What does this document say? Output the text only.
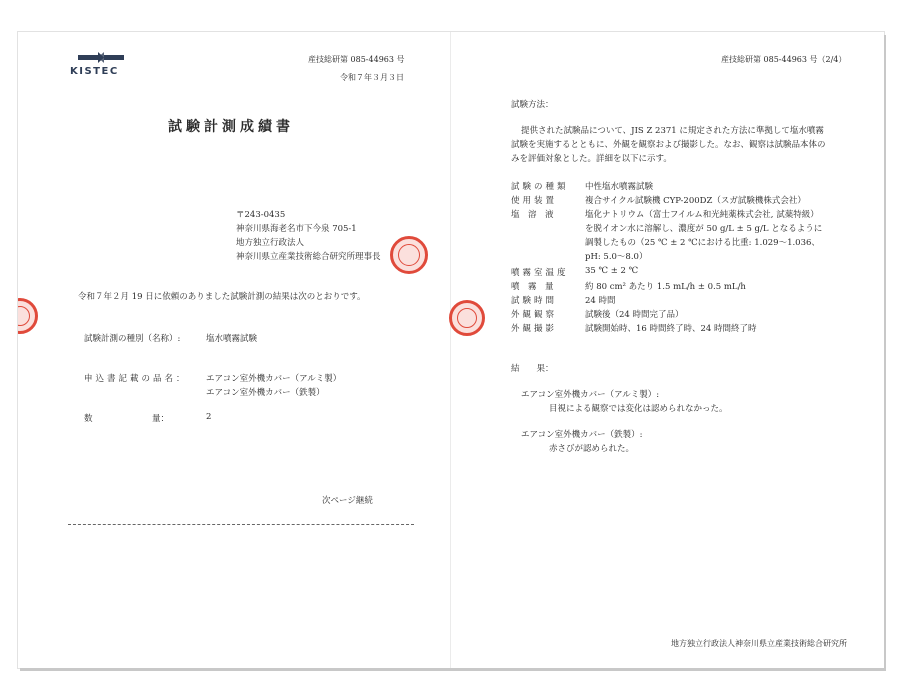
KISTEC
産技総研第 085-44963 号
令和７年３月３日
試験計測成績書
〒243-0435
神奈川県海老名市下今泉 705-1
地方独立行政法人
神奈川県立産業技術総合研究所理事長
令和７年２月 19 日に依頼のありました試験計測の結果は次のとおりです。
試験計測の種別（名称）:	塩水噴霧試験
申込書記載の品名： エアコン室外機カバー（アルミ製）
エアコン室外機カバー（鉄製）
数　　　　　　　量：	2
次ページ継続
産技総研第 085-44963 号（2/4）
試験方法：
提供された試験品について、JIS Z 2371 に規定された方法に準拠して塩水噴霧
試験を実施するとともに、外観を観察および撮影した。なお、観察は試験品本体の
みを評価対象とした。詳細を以下に示す。
試験の種類 中性塩水噴霧試験
使用装置	複合サイクル試験機 CYP-200DZ（スガ試験機株式会社）
塩　溶　液	塩化ナトリウム（富士フイルム和光純薬株式会社, 試薬特級）
を脱イオン水に溶解し、濃度が 50 g/L ± 5 g/L となるように
調製したもの（25 ℃ ± 2 ℃における比重: 1.029～1.036、
pH: 5.0～8.0）
噴霧室温度 35 ℃ ± 2 ℃
噴　霧　量	約 80 cm² あたり 1.5 mL/h ± 0.5 mL/h
試験時間	24 時間
外観観察	試験後（24 時間完了品）
外観撮影	試験開始時、16 時間終了時、24 時間終了時
結　　果：
エアコン室外機カバー（アルミ製）:
目視による観察では変化は認められなかった。
エアコン室外機カバー（鉄製）:
赤さびが認められた。
地方独立行政法人神奈川県立産業技術総合研究所
